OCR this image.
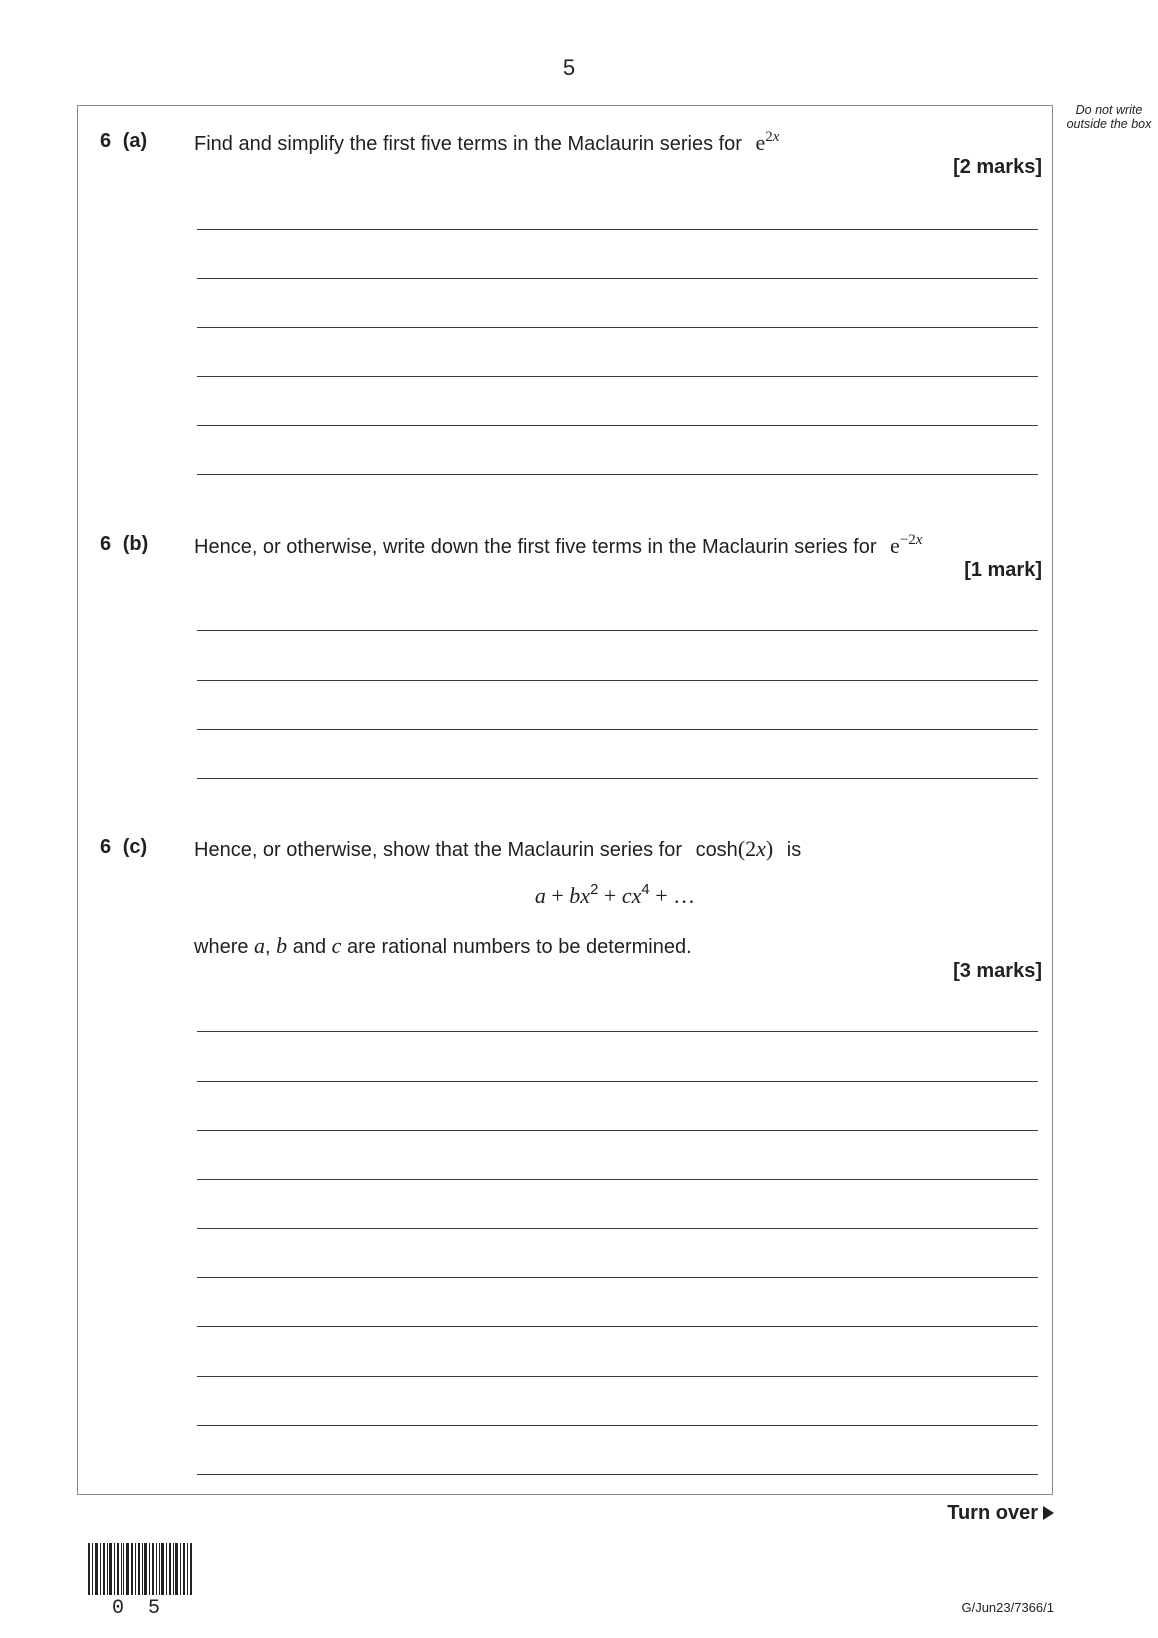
5
Do not write outside the box
6 (a) Find and simplify the first five terms in the Maclaurin series for $e^{2x}$
[2 marks]
6 (b) Hence, or otherwise, write down the first five terms in the Maclaurin series for $e^{-2x}$
[1 mark]
6 (c) Hence, or otherwise, show that the Maclaurin series for cosh(2x) is
$a + bx^2 + cx^4$ + …
where a, b and c are rational numbers to be determined.
[3 marks]
Turn over
0 5	G/Jun23/7366/1
